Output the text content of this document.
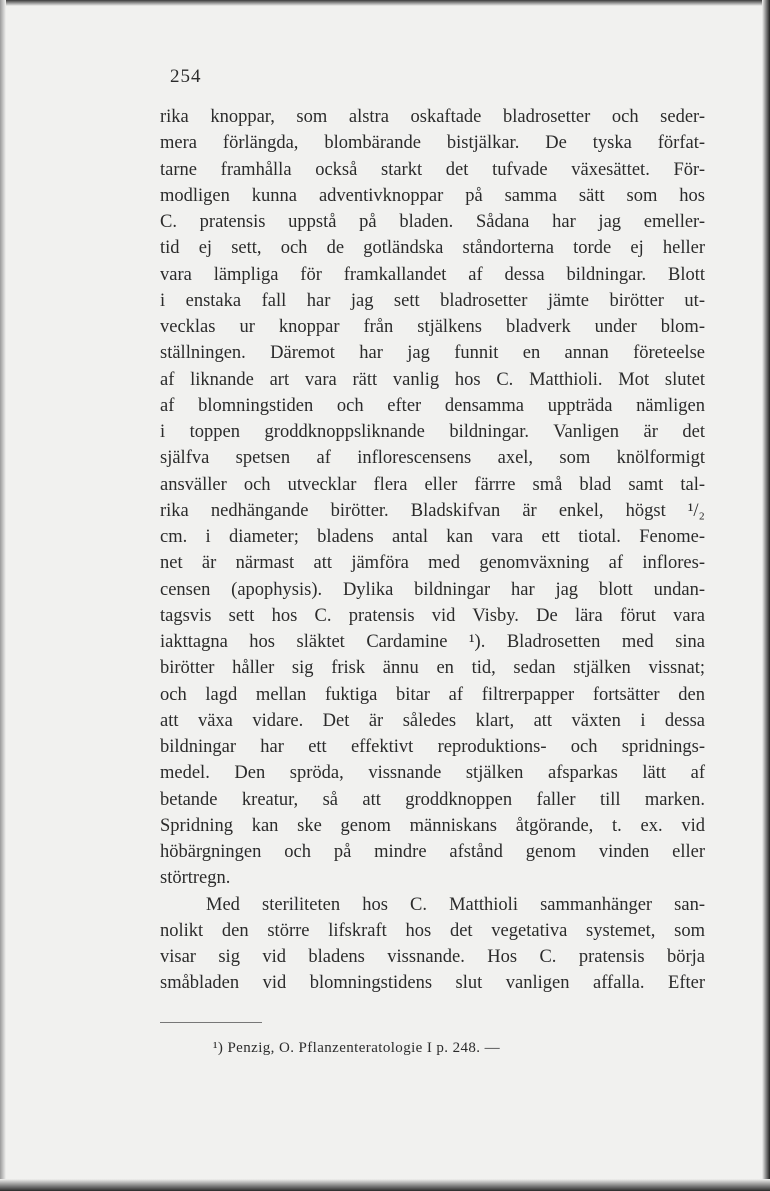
254
rika knoppar, som alstra oskaftade bladrosetter och seder-
mera förlängda, blombärande bistjälkar. De tyska förfat-
tarne framhålla också starkt det tufvade växesättet. För-
modligen kunna adventivknoppar på samma sätt som hos
C. pratensis uppstå på bladen. Sådana har jag emeller-
tid ej sett, och de gotländska ståndorterna torde ej heller
vara lämpliga för framkallandet af dessa bildningar. Blott
i enstaka fall har jag sett bladrosetter jämte birötter ut-
vecklas ur knoppar från stjälkens bladverk under blom-
ställningen. Däremot har jag funnit en annan företeelse
af liknande art vara rätt vanlig hos C. Matthioli. Mot slutet
af blomningstiden och efter densamma uppträda nämligen
i toppen groddknoppsliknande bildningar. Vanligen är det
själfva spetsen af inflorescensens axel, som knölformigt
ansväller och utvecklar flera eller färrre små blad samt tal-
rika nedhängande birötter. Bladskifvan är enkel, högst ¹/₂
cm. i diameter; bladens antal kan vara ett tiotal. Fenome-
net är närmast att jämföra med genomväxning af inflores-
censen (apophysis). Dylika bildningar har jag blott undan-
tagsvis sett hos C. pratensis vid Visby. De lära förut vara
iakttagna hos släktet Cardamine ¹). Bladrosetten med sina
birötter håller sig frisk ännu en tid, sedan stjälken vissnat;
och lagd mellan fuktiga bitar af filtrerpapper fortsätter den
att växa vidare. Det är således klart, att växten i dessa
bildningar har ett effektivt reproduktions- och spridnings-
medel. Den spröda, vissnande stjälken afsparkas lätt af
betande kreatur, så att groddknoppen faller till marken.
Spridning kan ske genom människans åtgörande, t. ex. vid
höbärgningen och på mindre afstånd genom vinden eller
störtregn.
Med steriliteten hos C. Matthioli sammanhänger san-
nolikt den större lifskraft hos det vegetativa systemet, som
visar sig vid bladens vissnande. Hos C. pratensis börja
småbladen vid blomningstidens slut vanligen affalla. Efter
¹) Penzig, O. Pflanzenteratologie I p. 248. —
